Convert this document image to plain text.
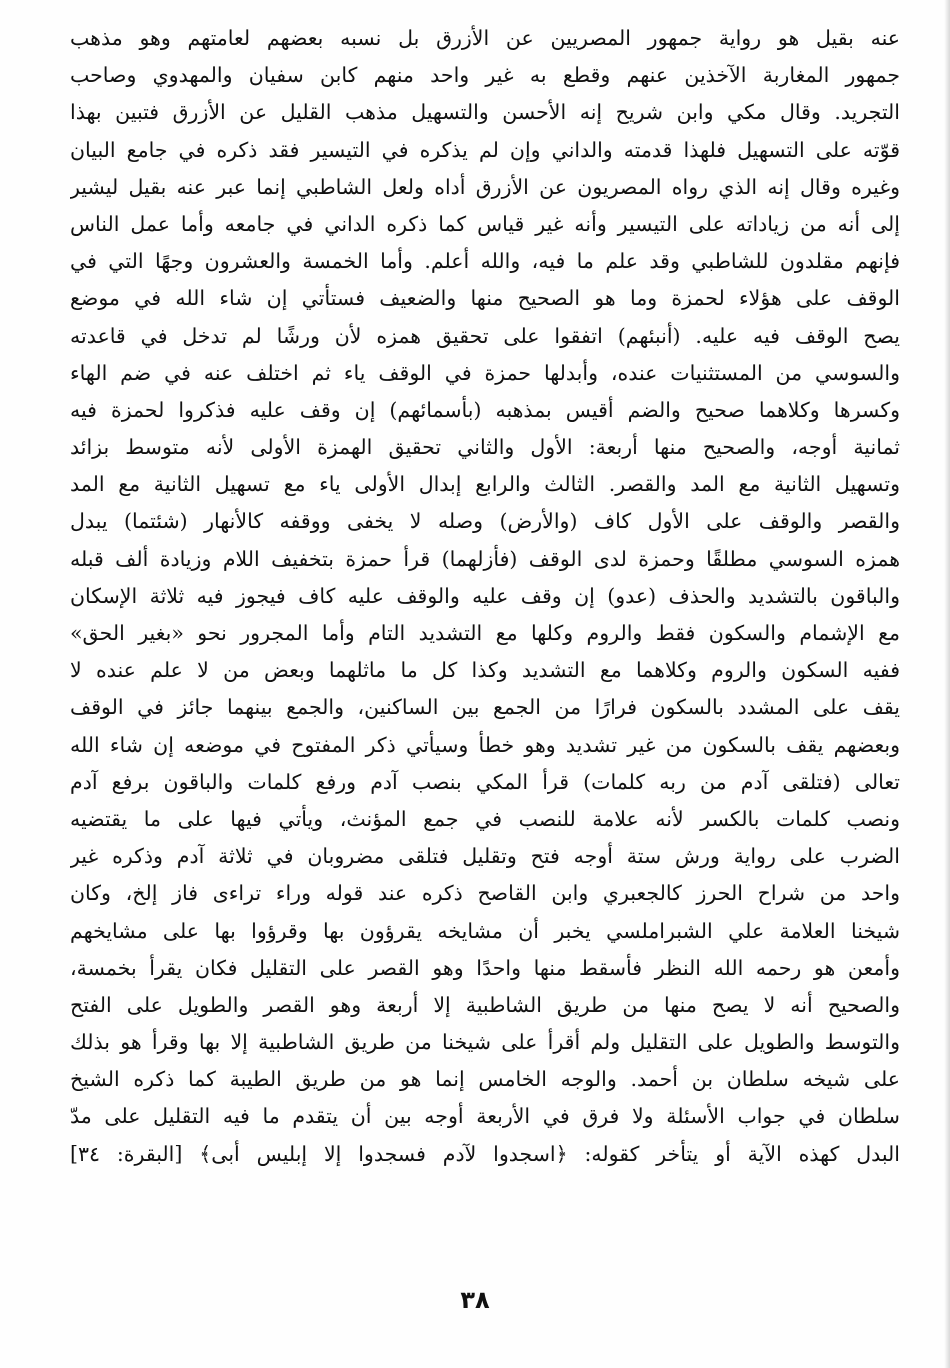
عنه بقيل هو رواية جمهور المصريين عن الأزرق بل نسبه بعضهم لعامتهم وهو مذهب
جمهور المغاربة الآخذين عنهم وقطع به غير واحد منهم كابن سفيان والمهدوي وصاحب
التجريد. وقال مكي وابن شريح إنه الأحسن والتسهيل مذهب القليل عن الأزرق فتبين بهذا
قوّته على التسهيل فلهذا قدمته والداني وإن لم يذكره في التيسير فقد ذكره في جامع البيان
وغيره وقال إنه الذي رواه المصريون عن الأزرق أداه ولعل الشاطبي إنما عبر عنه بقيل ليشير
إلى أنه من زياداته على التيسير وأنه غير قياس كما ذكره الداني في جامعه وأما عمل الناس
فإنهم مقلدون للشاطبي وقد علم ما فيه، والله أعلم. وأما الخمسة والعشرون وجهًا التي في
الوقف على هؤلاء لحمزة وما هو الصحيح منها والضعيف فستأتي إن شاء الله في موضع
يصح الوقف فيه عليه. (أنبئهم) اتفقوا على تحقيق همزه لأن ورشًا لم تدخل في قاعدته
والسوسي من المستثنيات عنده، وأبدلها حمزة في الوقف ياء ثم اختلف عنه في ضم الهاء
وكسرها وكلاهما صحيح والضم أقيس بمذهبه (بأسمائهم) إن وقف عليه فذكروا لحمزة فيه
ثمانية أوجه، والصحيح منها أربعة: الأول والثاني تحقيق الهمزة الأولى لأنه متوسط بزائد
وتسهيل الثانية مع المد والقصر. الثالث والرابع إبدال الأولى ياء مع تسهيل الثانية مع المد
والقصر والوقف على الأول كاف (والأرض) وصله لا يخفى ووقفه كالأنهار (شئتما) يبدل
همزه السوسي مطلقًا وحمزة لدى الوقف (فأزلهما) قرأ حمزة بتخفيف اللام وزيادة ألف قبله
والباقون بالتشديد والحذف (عدو) إن وقف عليه والوقف عليه كاف فيجوز فيه ثلاثة الإسكان
مع الإشمام والسكون فقط والروم وكلها مع التشديد التام وأما المجرور نحو «بغير الحق»
ففيه السكون والروم وكلاهما مع التشديد وكذا كل ما ماثلهما وبعض من لا علم عنده لا
يقف على المشدد بالسكون فرارًا من الجمع بين الساكنين، والجمع بينهما جائز في الوقف
وبعضهم يقف بالسكون من غير تشديد وهو خطأ وسيأتي ذكر المفتوح في موضعه إن شاء الله
تعالى (فتلقى آدم من ربه كلمات) قرأ المكي بنصب آدم ورفع كلمات والباقون برفع آدم
ونصب كلمات بالكسر لأنه علامة للنصب في جمع المؤنث، ويأتي فيها على ما يقتضيه
الضرب على رواية ورش ستة أوجه فتح وتقليل فتلقى مضروبان في ثلاثة آدم وذكره غير
واحد من شراح الحرز كالجعبري وابن القاصح ذكره عند قوله وراء تراءى فاز إلخ، وكان
شيخنا العلامة علي الشبراملسي يخبر أن مشايخه يقرؤون بها وقرؤوا بها على مشايخهم
وأمعن هو رحمه الله النظر فأسقط منها واحدًا وهو القصر على التقليل فكان يقرأ بخمسة،
والصحيح أنه لا يصح منها من طريق الشاطبية إلا أربعة وهو القصر والطويل على الفتح
والتوسط والطويل على التقليل ولم أقرأ على شيخنا من طريق الشاطبية إلا بها وقرأ هو بذلك
على شيخه سلطان بن أحمد. والوجه الخامس إنما هو من طريق الطيبة كما ذكره الشيخ
سلطان في جواب الأسئلة ولا فرق في الأربعة أوجه بين أن يتقدم ما فيه التقليل على مدّ
البدل كهذه الآية أو يتأخر كقوله: ﴿اسجدوا لآدم فسجدوا إلا إبليس أبى﴾ [البقرة: ٣٤]
٣٨
